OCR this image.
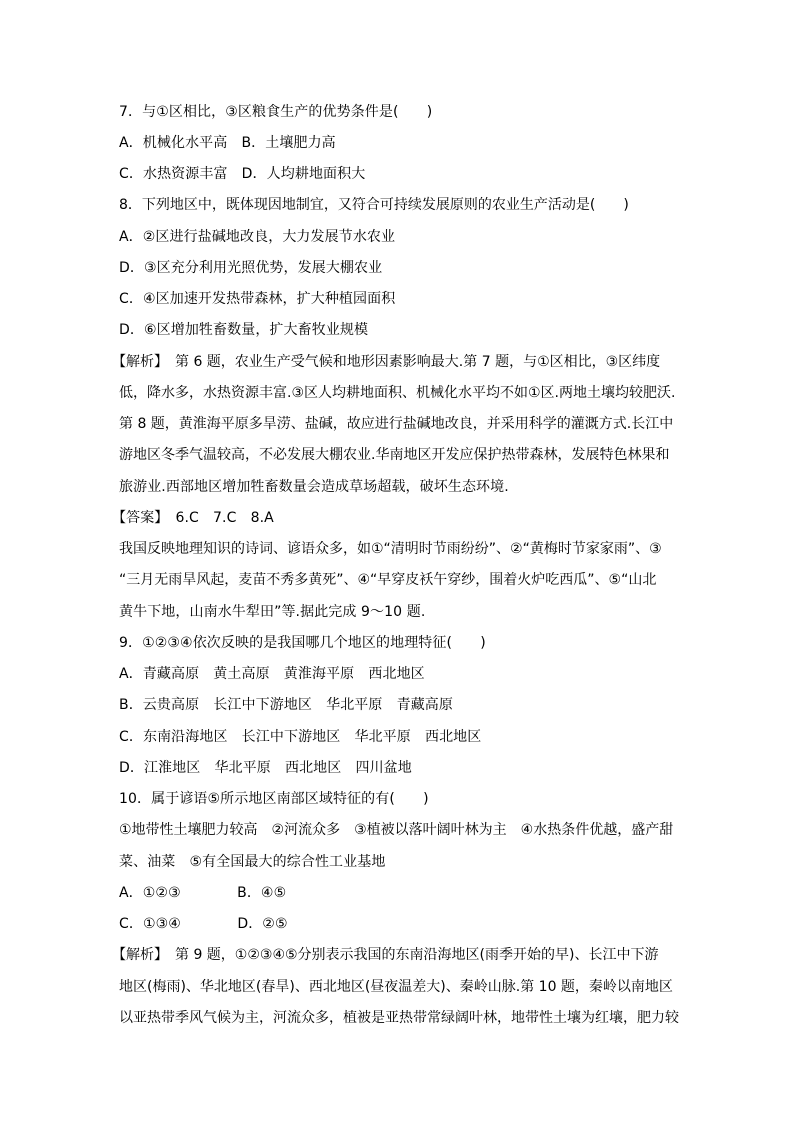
7．与①区相比，③区粮食生产的优势条件是(　　)
A．机械化水平高　B．土壤肥力高
C．水热资源丰富　D．人均耕地面积大
8．下列地区中，既体现因地制宜，又符合可持续发展原则的农业生产活动是(　　)
A．②区进行盐碱地改良，大力发展节水农业
D．③区充分利用光照优势，发展大棚农业
C．④区加速开发热带森林，扩大种植园面积
D．⑥区增加牲畜数量，扩大畜牧业规模
【解析】　第 6 题，农业生产受气候和地形因素影响最大.第 7 题，与①区相比，③区纬度
低，降水多，水热资源丰富.③区人均耕地面积、机械化水平均不如①区.两地土壤均较肥沃.
第 8 题，黄淮海平原多旱涝、盐碱，故应进行盐碱地改良，并采用科学的灌溉方式.长江中
游地区冬季气温较高，不必发展大棚农业.华南地区开发应保护热带森林，发展特色林果和
旅游业.西部地区增加牲畜数量会造成草场超载，破坏生态环境.
【答案】　6.C　7.C　8.A
我国反映地理知识的诗词、谚语众多，如①“清明时节雨纷纷”、②“黄梅时节家家雨”、③
“三月无雨旱风起，麦苗不秀多黄死”、④“早穿皮袄午穿纱，围着火炉吃西瓜”、⑤“山北
黄牛下地，山南水牛犁田”等.据此完成 9～10 题.
9．①②③④依次反映的是我国哪几个地区的地理特征(　　)
A．青藏高原　黄土高原　黄淮海平原　西北地区
B．云贵高原　长江中下游地区　华北平原　青藏高原
C．东南沿海地区　长江中下游地区　华北平原　西北地区
D．江淮地区　华北平原　西北地区　四川盆地
10．属于谚语⑤所示地区南部区域特征的有(　　)
①地带性土壤肥力较高　②河流众多　③植被以落叶阔叶林为主　④水热条件优越，盛产甜
菜、油菜　⑤有全国最大的综合性工业基地
A．①②③　　　　B．④⑤
C．①③④　　　　D．②⑤
【解析】　第 9 题，①②③④⑤分别表示我国的东南沿海地区(雨季开始的早)、长江中下游
地区(梅雨)、华北地区(春旱)、西北地区(昼夜温差大)、秦岭山脉.第 10 题，秦岭以南地区
以亚热带季风气候为主，河流众多，植被是亚热带常绿阔叶林，地带性土壤为红壤，肥力较
